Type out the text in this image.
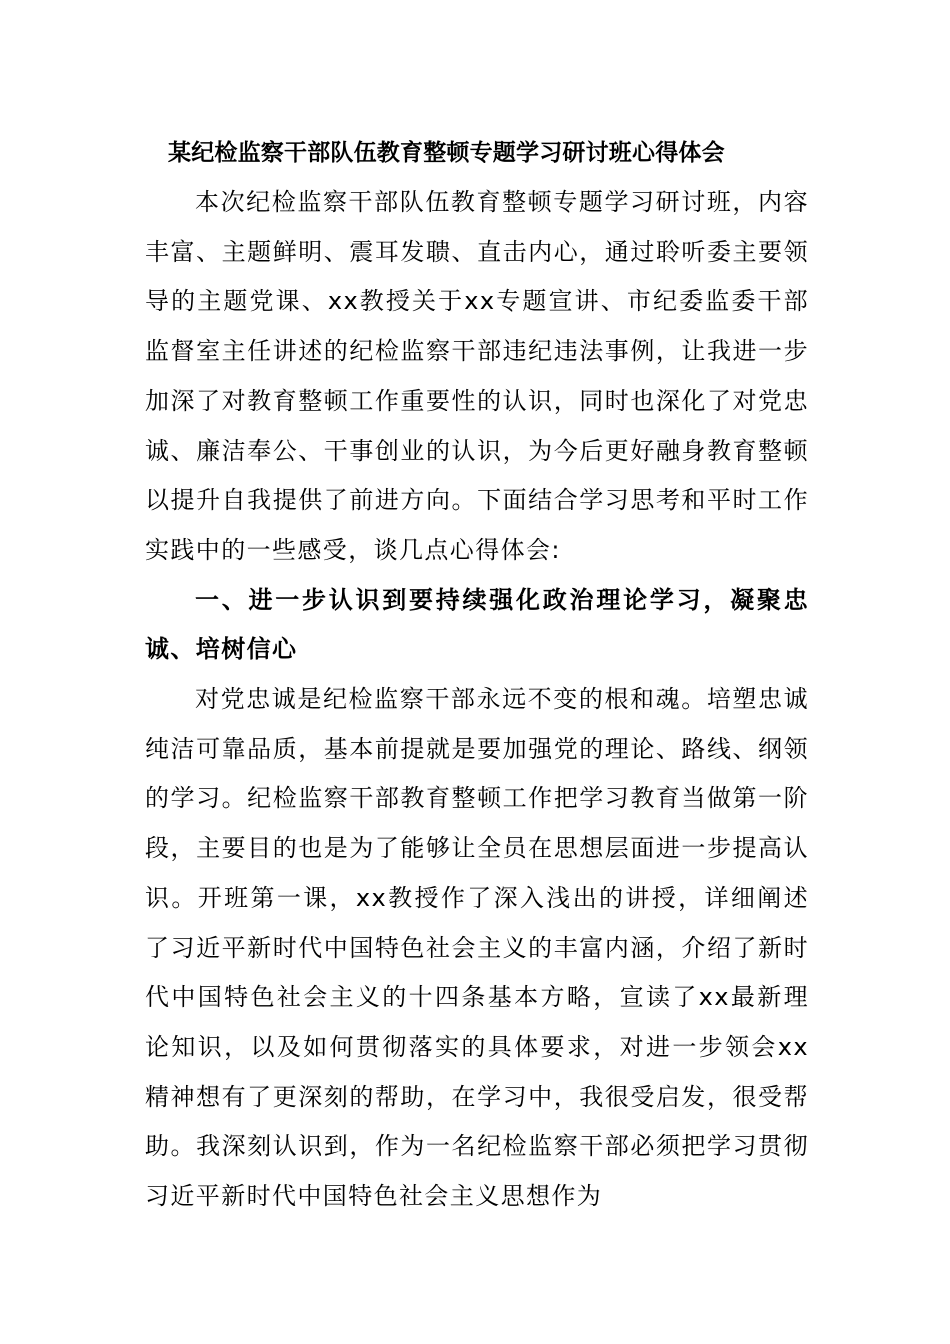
某纪检监察干部队伍教育整顿专题学习研讨班心得体会

本次纪检监察干部队伍教育整顿专题学习研讨班，内容丰富、主题鲜明、震耳发聩、直击内心，通过聆听委主要领导的主题党课、xx教授关于xx专题宣讲、市纪委监委干部监督室主任讲述的纪检监察干部违纪违法事例，让我进一步加深了对教育整顿工作重要性的认识，同时也深化了对党忠诚、廉洁奉公、干事创业的认识，为今后更好融身教育整顿以提升自我提供了前进方向。下面结合学习思考和平时工作实践中的一些感受，谈几点心得体会:

一、进一步认识到要持续强化政治理论学习，凝聚忠诚、培树信心

对党忠诚是纪检监察干部永远不变的根和魂。培塑忠诚纯洁可靠品质，基本前提就是要加强党的理论、路线、纲领的学习。纪检监察干部教育整顿工作把学习教育当做第一阶段，主要目的也是为了能够让全员在思想层面进一步提高认识。开班第一课，xx教授作了深入浅出的讲授，详细阐述了习近平新时代中国特色社会主义的丰富内涵，介绍了新时代中国特色社会主义的十四条基本方略，宣读了xx最新理论知识，以及如何贯彻落实的具体要求，对进一步领会xx精神想有了更深刻的帮助，在学习中，我很受启发，很受帮助。我深刻认识到，作为一名纪检监察干部必须把学习贯彻习近平新时代中国特色社会主义思想作为
